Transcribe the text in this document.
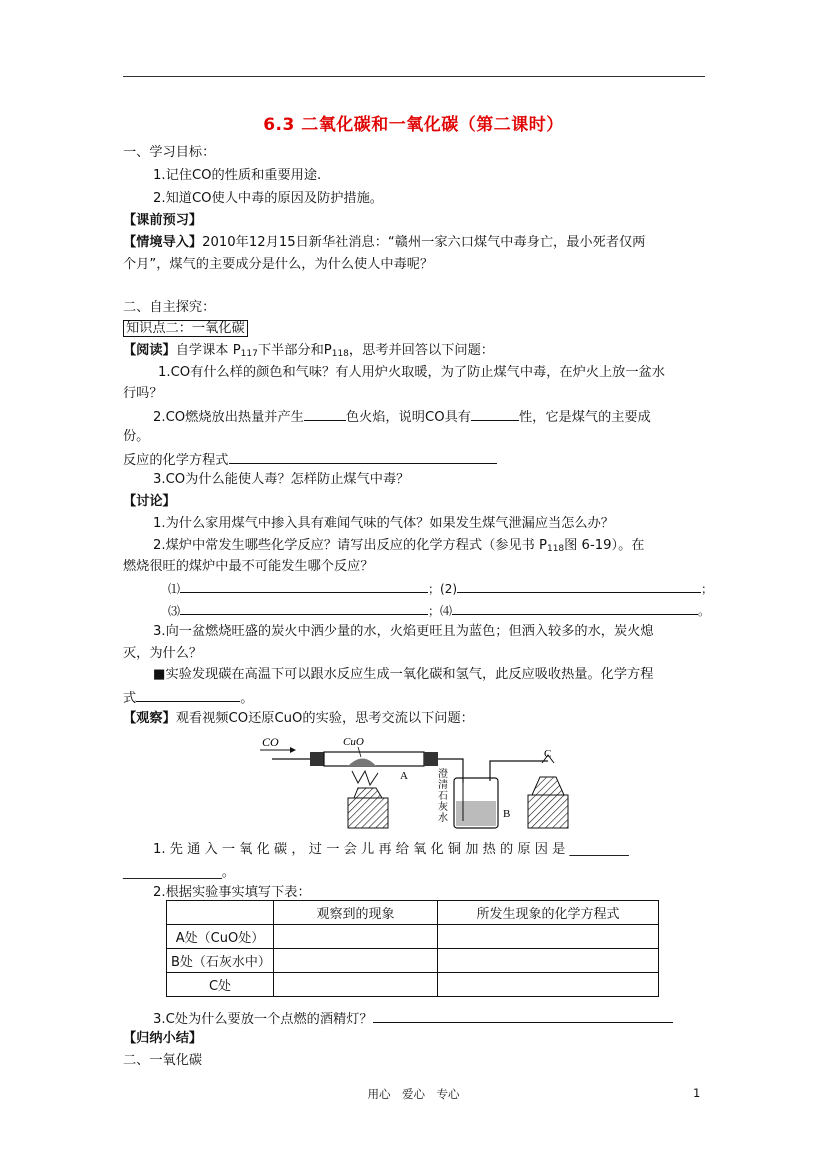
6.3 二氧化碳和一氧化碳（第二课时）
一、学习目标：
1.记住CO的性质和重要用途.
2.知道CO使人中毒的原因及防护措施。
【课前预习】
【情境导入】2010年12月15日新华社消息：“赣州一家六口煤气中毒身亡，最小死者仅两
个月”，煤气的主要成分是什么，为什么使人中毒呢？
二、自主探究：
知识点二：一氧化碳
【阅读】自学课本 $P_{117}$下半部分和$P_{118}$，思考并回答以下问题：
1.CO有什么样的颜色和气味？有人用炉火取暖，为了防止煤气中毒，在炉火上放一盆水
行吗？
2.CO燃烧放出热量并产生	色火焰，说明CO具有	性，它是煤气的主要成
份。
反应的化学方程式
3.CO为什么能使人毒？怎样防止煤气中毒？
【讨论】
1.为什么家用煤气中掺入具有难闻气味的气体？如果发生煤气泄漏应当怎么办？
2.煤炉中常发生哪些化学反应？请写出反应的化学方程式（参见书 $P_{118}$图 6-19）。在
燃烧很旺的煤炉中最不可能发生哪个反应？
⑴	；(2)	；
⑶	；⑷	。
3.向一盆燃烧旺盛的炭火中洒少量的水，火焰更旺且为蓝色；但洒入较多的水，炭火熄
灭，为什么？
■实验发现碳在高温下可以跟水反应生成一氧化碳和氢气，此反应吸收热量。化学方程
式	。
【观察】观看视频CO还原CuO的实验，思考交流以下问题：
CO	CuO
A
B
澄
清
石
灰
水
C
1. 先 通 入 一 氧 化 碳 ， 过 一 会 儿 再 给 氧 化 铜 加 热 的 原 因 是 _________
_______________。
2.根据实验事实填写下表：
	观察到的现象	所发生现象的化学方程式
A处（CuO处）		
B处（石灰水中）		
C处		
3.C处为什么要放一个点燃的酒精灯？
【归纳小结】
二、一氧化碳
用心　爱心　专心	1
